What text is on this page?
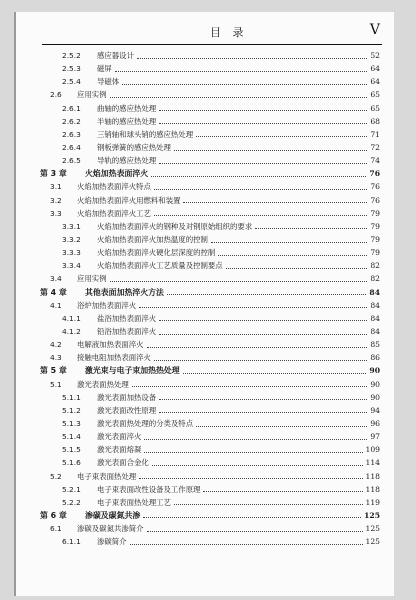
目 录	V
2.5.2	感应器设计	52
2.5.3	磁屏	64
2.5.4	导磁体	64
2.6	应用实例	65
2.6.1	曲轴的感应热处理	65
2.6.2	半轴的感应热处理	68
2.6.3	三销轴和球头销的感应热处理	71
2.6.4	钢板弹簧的感应热处理	72
2.6.5	导轨的感应热处理	74
第 3 章	火焰加热表面淬火	76
3.1	火焰加热表面淬火特点	76
3.2	火焰加热表面淬火用燃料和装置	76
3.3	火焰加热表面淬火工艺	79
3.3.1	火焰加热表面淬火的钢种及对钢原始组织的要求	79
3.3.2	火焰加热表面淬火加热温度的控制	79
3.3.3	火焰加热表面淬火硬化层深度的控制	79
3.3.4	火焰加热表面淬火工艺质量及控制要点	82
3.4	应用实例	82
第 4 章	其他表面加热淬火方法	84
4.1	浴炉加热表面淬火	84
4.1.1	盐浴加热表面淬火	84
4.1.2	铅浴加热表面淬火	84
4.2	电解液加热表面淬火	85
4.3	接触电阻加热表面淬火	86
第 5 章	激光束与电子束加热热处理	90
5.1	激光表面热处理	90
5.1.1	激光表面加热设备	90
5.1.2	激光表面改性原理	94
5.1.3	激光表面热处理的分类及特点	96
5.1.4	激光表面淬火	97
5.1.5	激光表面熔凝	109
5.1.6	激光表面合金化	114
5.2	电子束表面热处理	118
5.2.1	电子束表面改性设备及工作原理	118
5.2.2	电子束表面热处理工艺	119
第 6 章	渗碳及碳氮共渗	125
6.1	渗碳及碳氮共渗简介	125
6.1.1	渗碳简介	125
